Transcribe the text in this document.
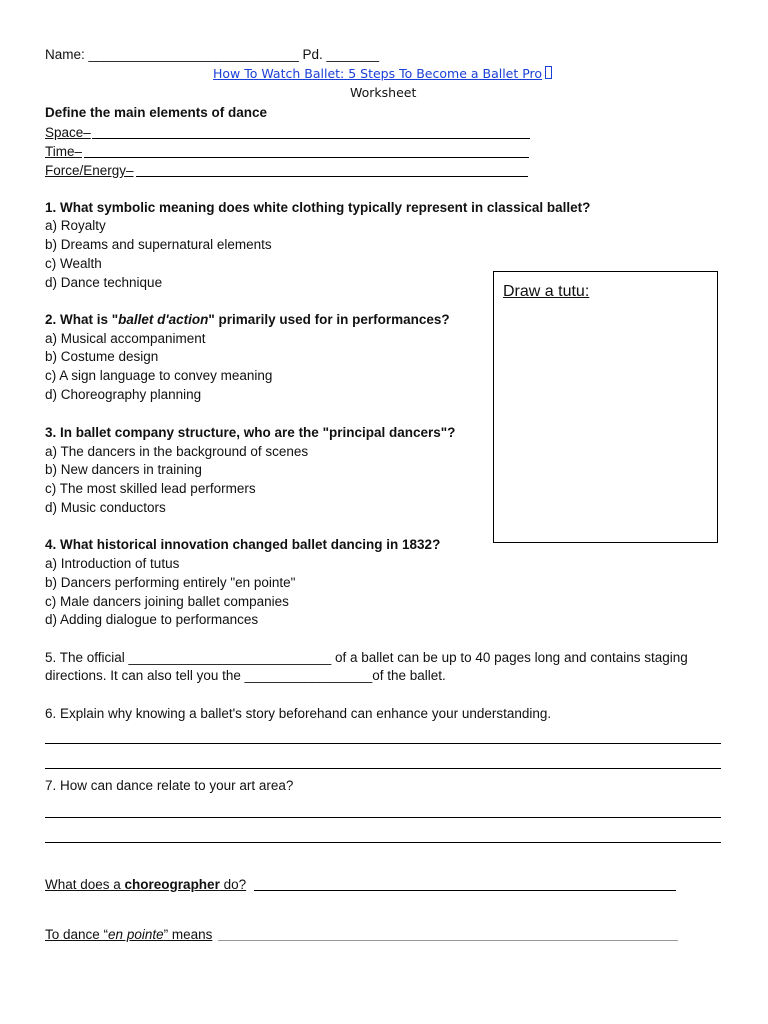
Name: ____________________________ Pd. _______
How To Watch Ballet: 5 Steps To Become a Ballet Pro
Worksheet
Define the main elements of dance
Space–
Time–
Force/Energy–
1. What symbolic meaning does white clothing typically represent in classical ballet?
a) Royalty
b) Dreams and supernatural elements
c) Wealth
d) Dance technique
2. What is "ballet d'action" primarily used for in performances?
a) Musical accompaniment
b) Costume design
c) A sign language to convey meaning
d) Choreography planning
3. In ballet company structure, who are the "principal dancers"?
a) The dancers in the background of scenes
b) New dancers in training
c) The most skilled lead performers
d) Music conductors
4. What historical innovation changed ballet dancing in 1832?
a) Introduction of tutus
b) Dancers performing entirely "en pointe"
c) Male dancers joining ballet companies
d) Adding dialogue to performances
Draw a tutu:
5. The official ___________________________ of a ballet can be up to 40 pages long and contains staging
directions. It can also tell you the _________________of the ballet.
6. Explain why knowing a ballet's story beforehand can enhance your understanding.
7. How can dance relate to your art area?
What does a choreographer do?
To dance “en pointe” means
